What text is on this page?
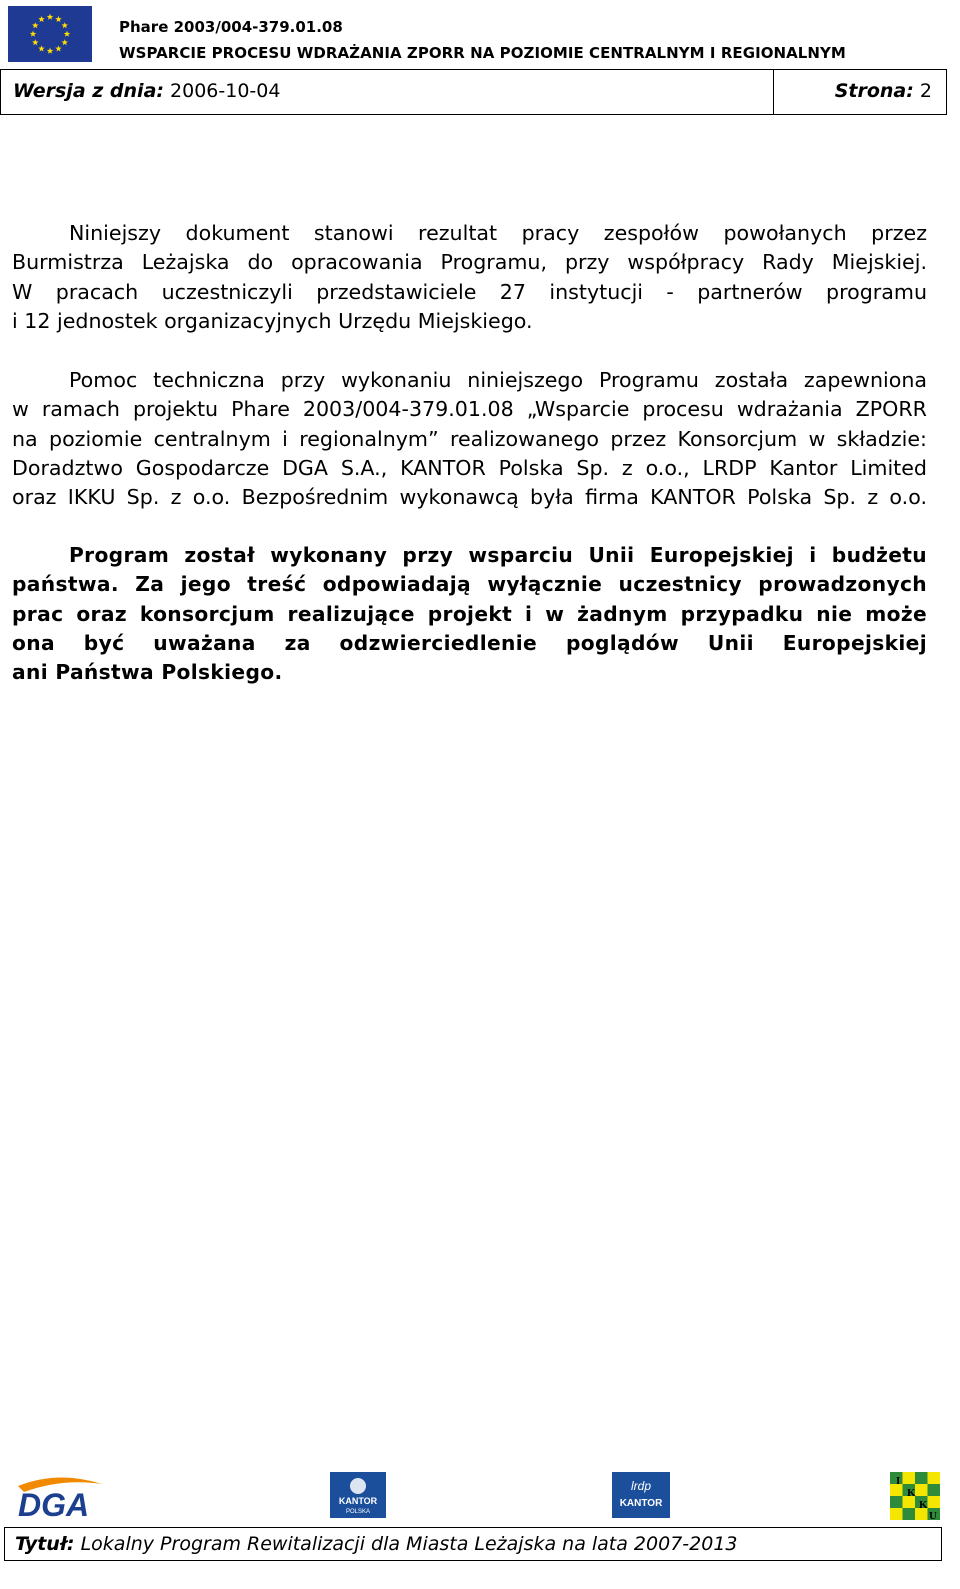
Phare 2003/004-379.01.08
WSPARCIE PROCESU WDRAŻANIA ZPORR NA POZIOMIE CENTRALNYM I REGIONALNYM
Wersja z dnia: 2006-10-04	Strona: 2
Niniejszy dokument stanowi rezultat pracy zespołów powołanych przez
Burmistrza Leżajska do opracowania Programu, przy współpracy Rady Miejskiej.
W pracach uczestniczyli przedstawiciele 27 instytucji - partnerów programu
i 12 jednostek organizacyjnych Urzędu Miejskiego.
Pomoc techniczna przy wykonaniu niniejszego Programu została zapewniona
w ramach projektu Phare 2003/004-379.01.08 „Wsparcie procesu wdrażania ZPORR
na poziomie centralnym i regionalnym” realizowanego przez Konsorcjum w składzie:
Doradztwo Gospodarcze DGA S.A., KANTOR Polska Sp. z o.o., LRDP Kantor Limited
oraz IKKU Sp. z o.o. Bezpośrednim wykonawcą była firma KANTOR Polska Sp. z o.o.
Program został wykonany przy wsparciu Unii Europejskiej i budżetu
państwa. Za jego treść odpowiadają wyłącznie uczestnicy prowadzonych
prac oraz konsorcjum realizujące projekt i w żadnym przypadku nie może
ona być uważana za odzwierciedlenie poglądów Unii Europejskiej
ani Państwa Polskiego.
DGA	KANTOR
POLSKA
lrdp
KANTOR
I
K
K
U
Tytuł: Lokalny Program Rewitalizacji dla Miasta Leżajska na lata 2007-2013
